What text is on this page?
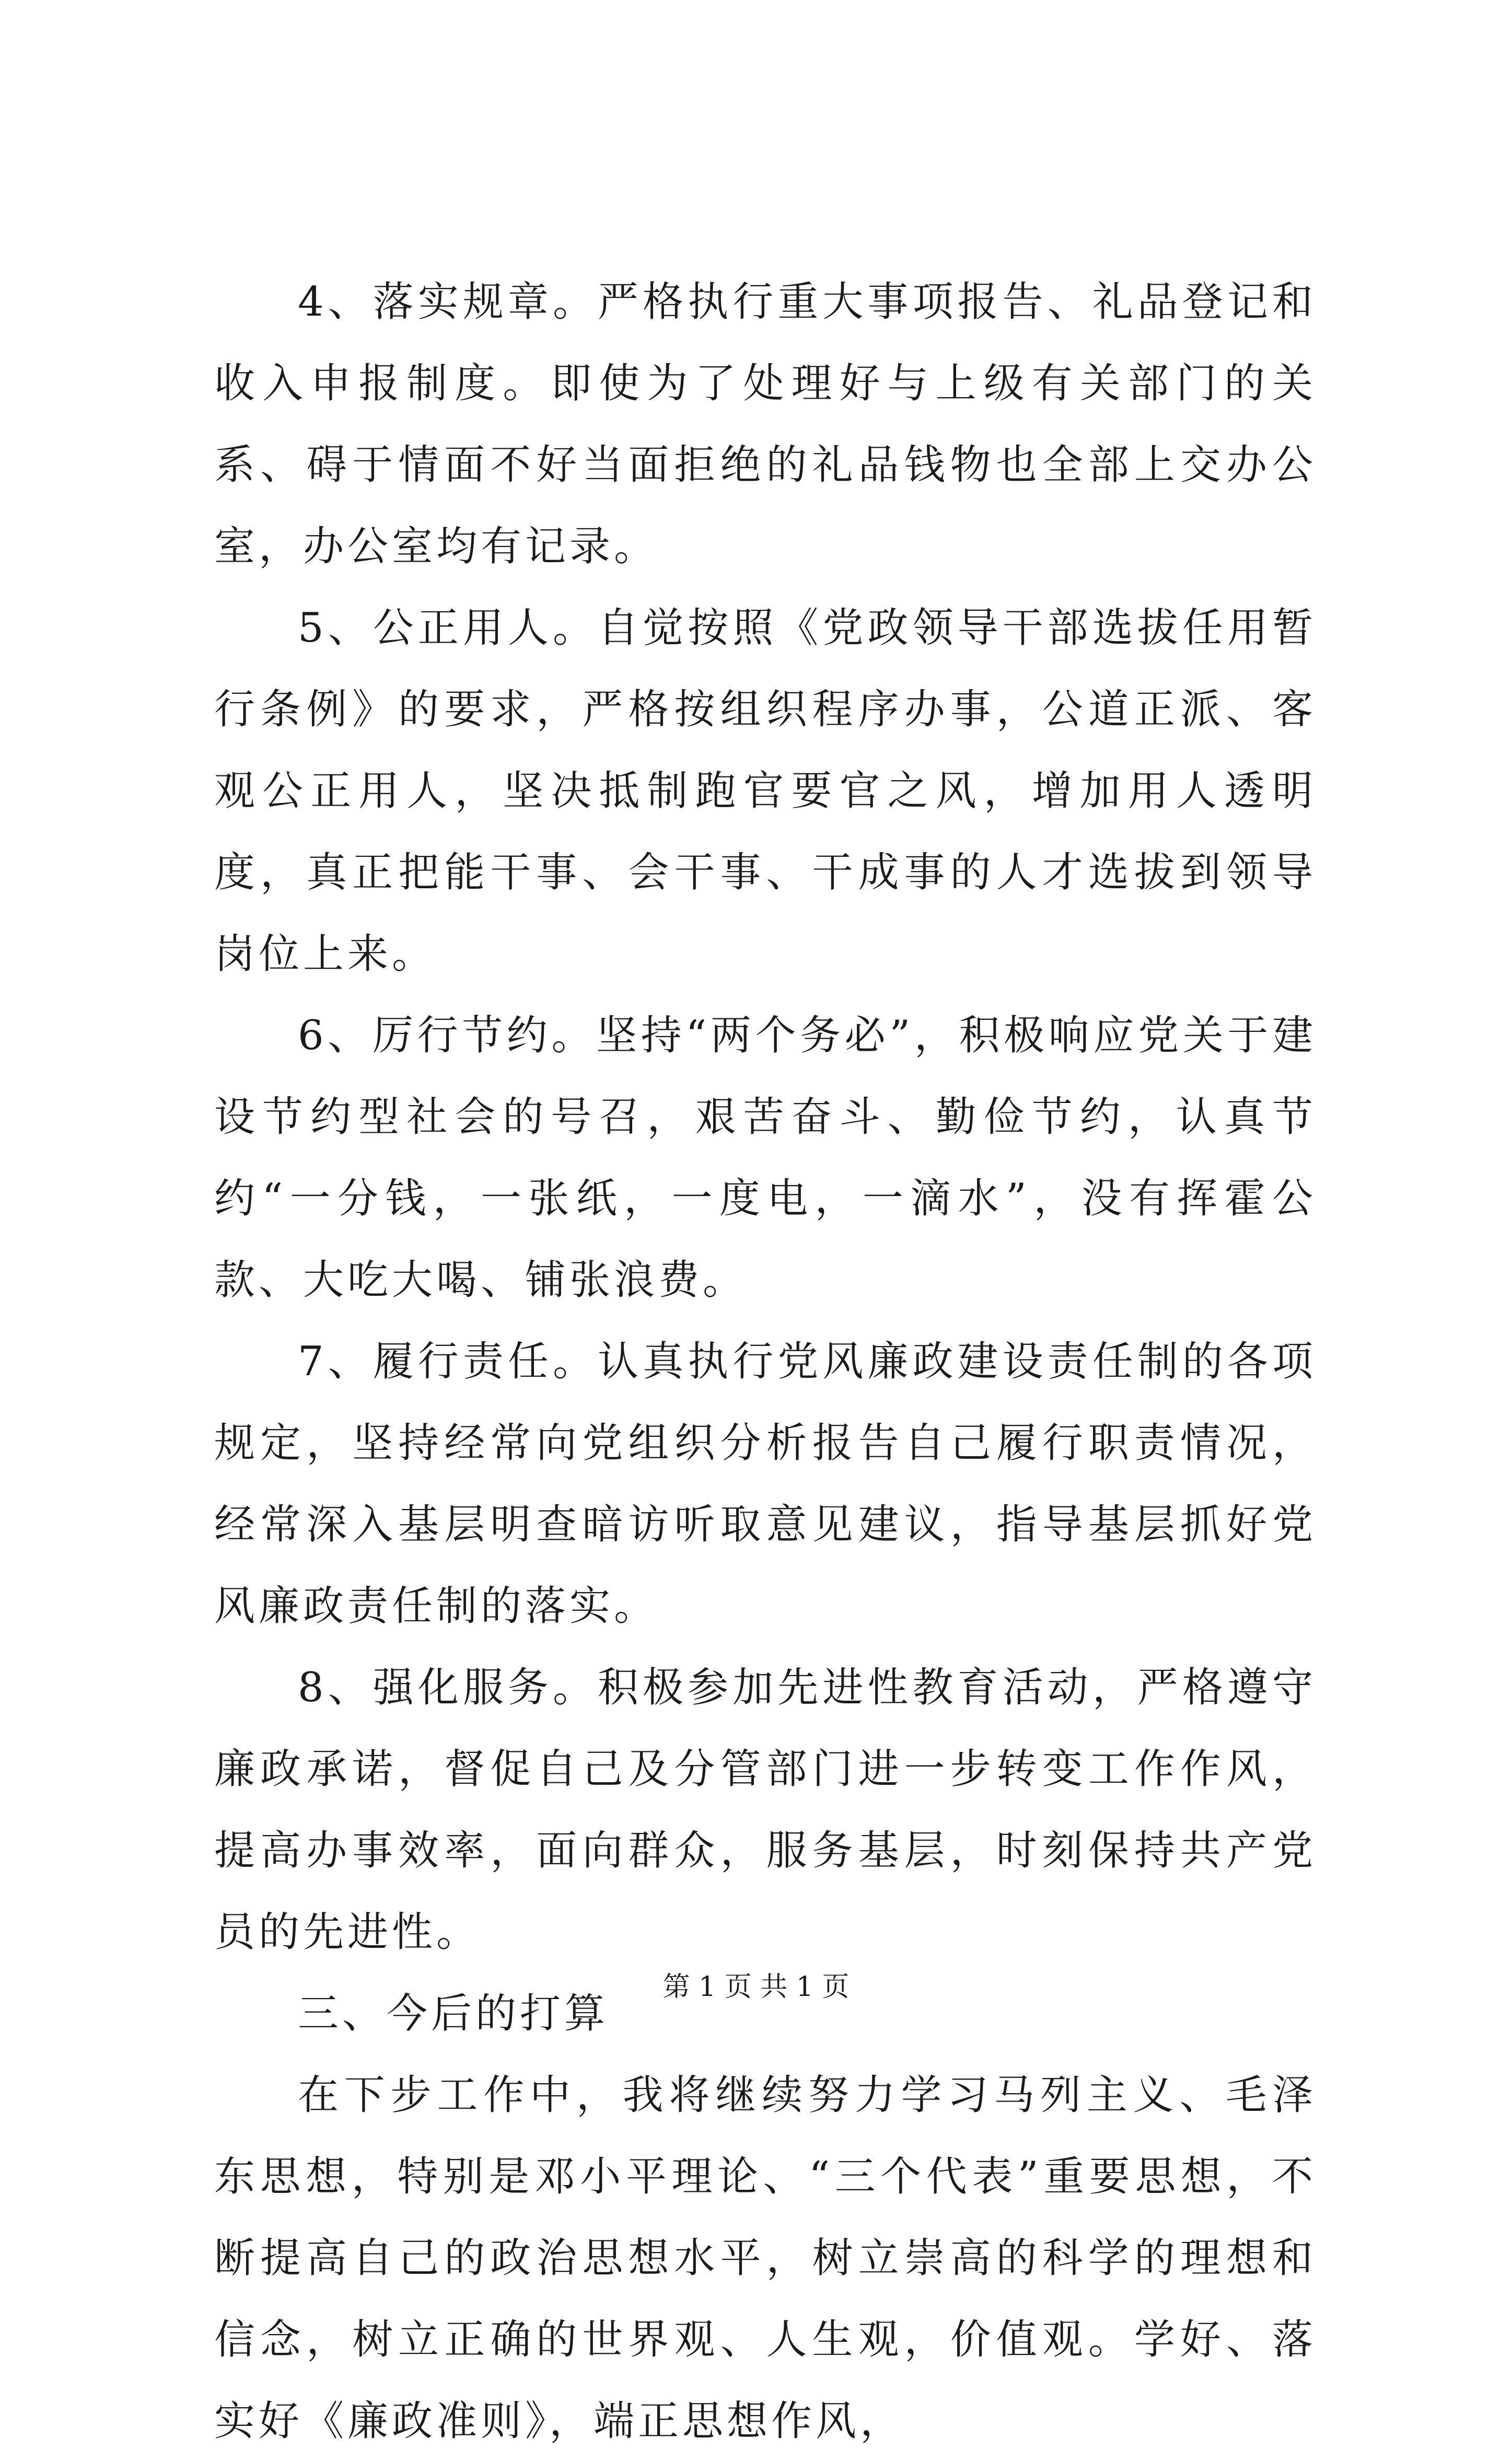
4、落实规章。严格执行重大事项报告、礼品登记和收入申报制度。即使为了处理好与上级有关部门的关系、碍于情面不好当面拒绝的礼品钱物也全部上交办公室，办公室均有记录。

5、公正用人。自觉按照《党政领导干部选拔任用暂行条例》的要求，严格按组织程序办事，公道正派、客观公正用人，坚决抵制跑官要官之风，增加用人透明度，真正把能干事、会干事、干成事的人才选拔到领导岗位上来。

6、厉行节约。坚持“两个务必”，积极响应党关于建设节约型社会的号召，艰苦奋斗、勤俭节约，认真节约“一分钱，一张纸，一度电，一滴水”，没有挥霍公款、大吃大喝、铺张浪费。

7、履行责任。认真执行党风廉政建设责任制的各项规定，坚持经常向党组织分析报告自己履行职责情况，经常深入基层明查暗访听取意见建议，指导基层抓好党风廉政责任制的落实。

8、强化服务。积极参加先进性教育活动，严格遵守廉政承诺，督促自己及分管部门进一步转变工作作风，提高办事效率，面向群众，服务基层，时刻保持共产党员的先进性。

三、今后的打算

在下步工作中，我将继续努力学习马列主义、毛泽东思想，特别是邓小平理论、“三个代表”重要思想，不断提高自己的政治思想水平，树立崇高的科学的理想和信念，树立正确的世界观、人生观，价值观。学好、落实好《廉政准则》，端正思想作风，

第 1 页 共 1 页
